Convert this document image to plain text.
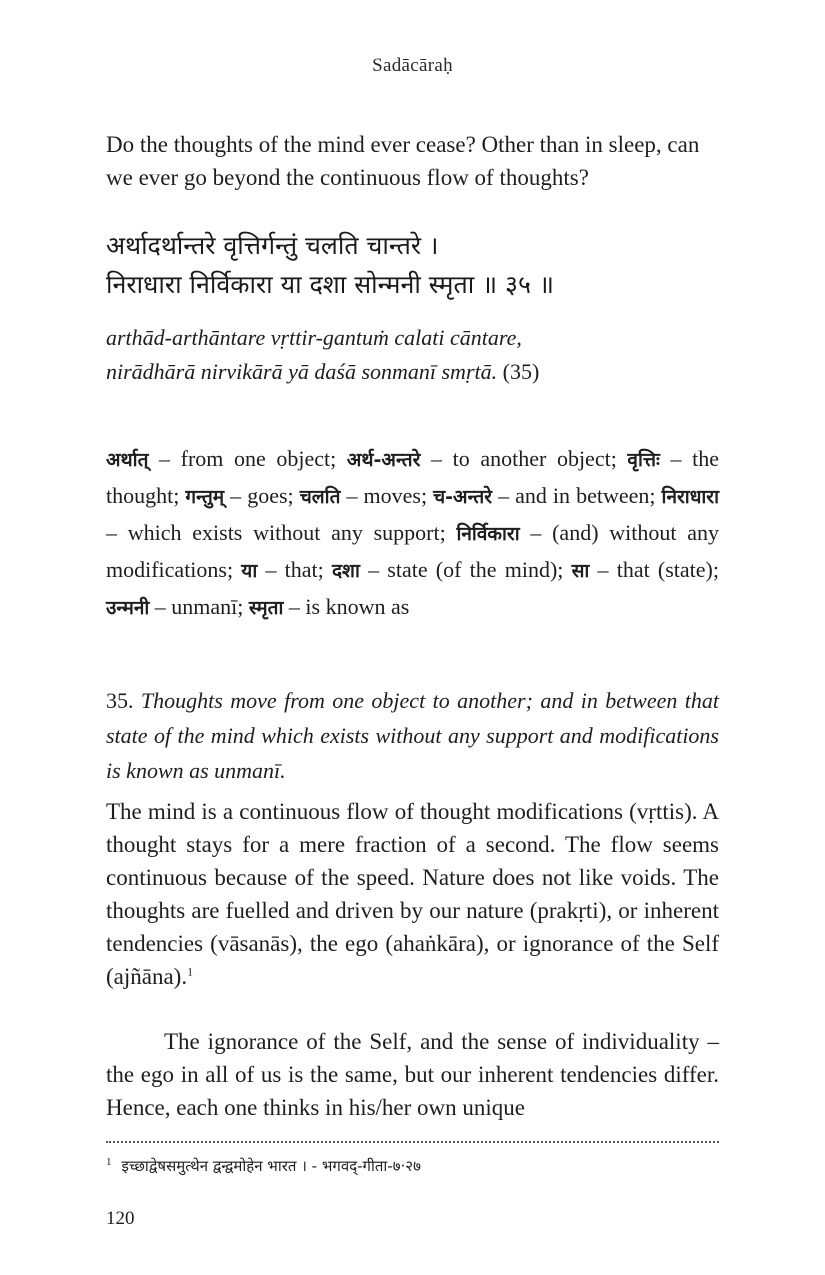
Sadācāraḥ

Do the thoughts of the mind ever cease? Other than in sleep, can we ever go beyond the continuous flow of thoughts?

अर्थादर्थान्तरे वृत्तिर्गन्तुं चलति चान्तरे ।
निराधारा निर्विकारा या दशा सोन्मनी स्मृता ॥ ३५ ॥
arthād-arthāntare vṛttir-gantuṁ calati cāntare,
nirādhārā nirvikārā yā daśā sonmanī smṛtā. (35)

अर्थात् – from one object; अर्थ-अन्तरे – to another object; वृत्तिः – the thought; गन्तुम् – goes; चलति – moves; च-अन्तरे – and in between; निराधारा – which exists without any support; निर्विकारा – (and) without any modifications; या – that; दशा – state (of the mind); सा – that (state); उन्मनी – unmanī; स्मृता – is known as

35. Thoughts move from one object to another; and in between that state of the mind which exists without any support and modifications is known as unmanī.

The mind is a continuous flow of thought modifications (vṛttis). A thought stays for a mere fraction of a second. The flow seems continuous because of the speed. Nature does not like voids. The thoughts are fuelled and driven by our nature (prakṛti), or inherent tendencies (vāsanās), the ego (ahaṅkāra), or ignorance of the Self (ajñāna).$^1$

The ignorance of the Self, and the sense of individuality – the ego in all of us is the same, but our inherent tendencies differ. Hence, each one thinks in his/her own unique

$^1$ इच्छाद्वेषसमुत्थेन द्वन्द्वमोहेन भारत । - भगवद्-गीता-७·२७
120
